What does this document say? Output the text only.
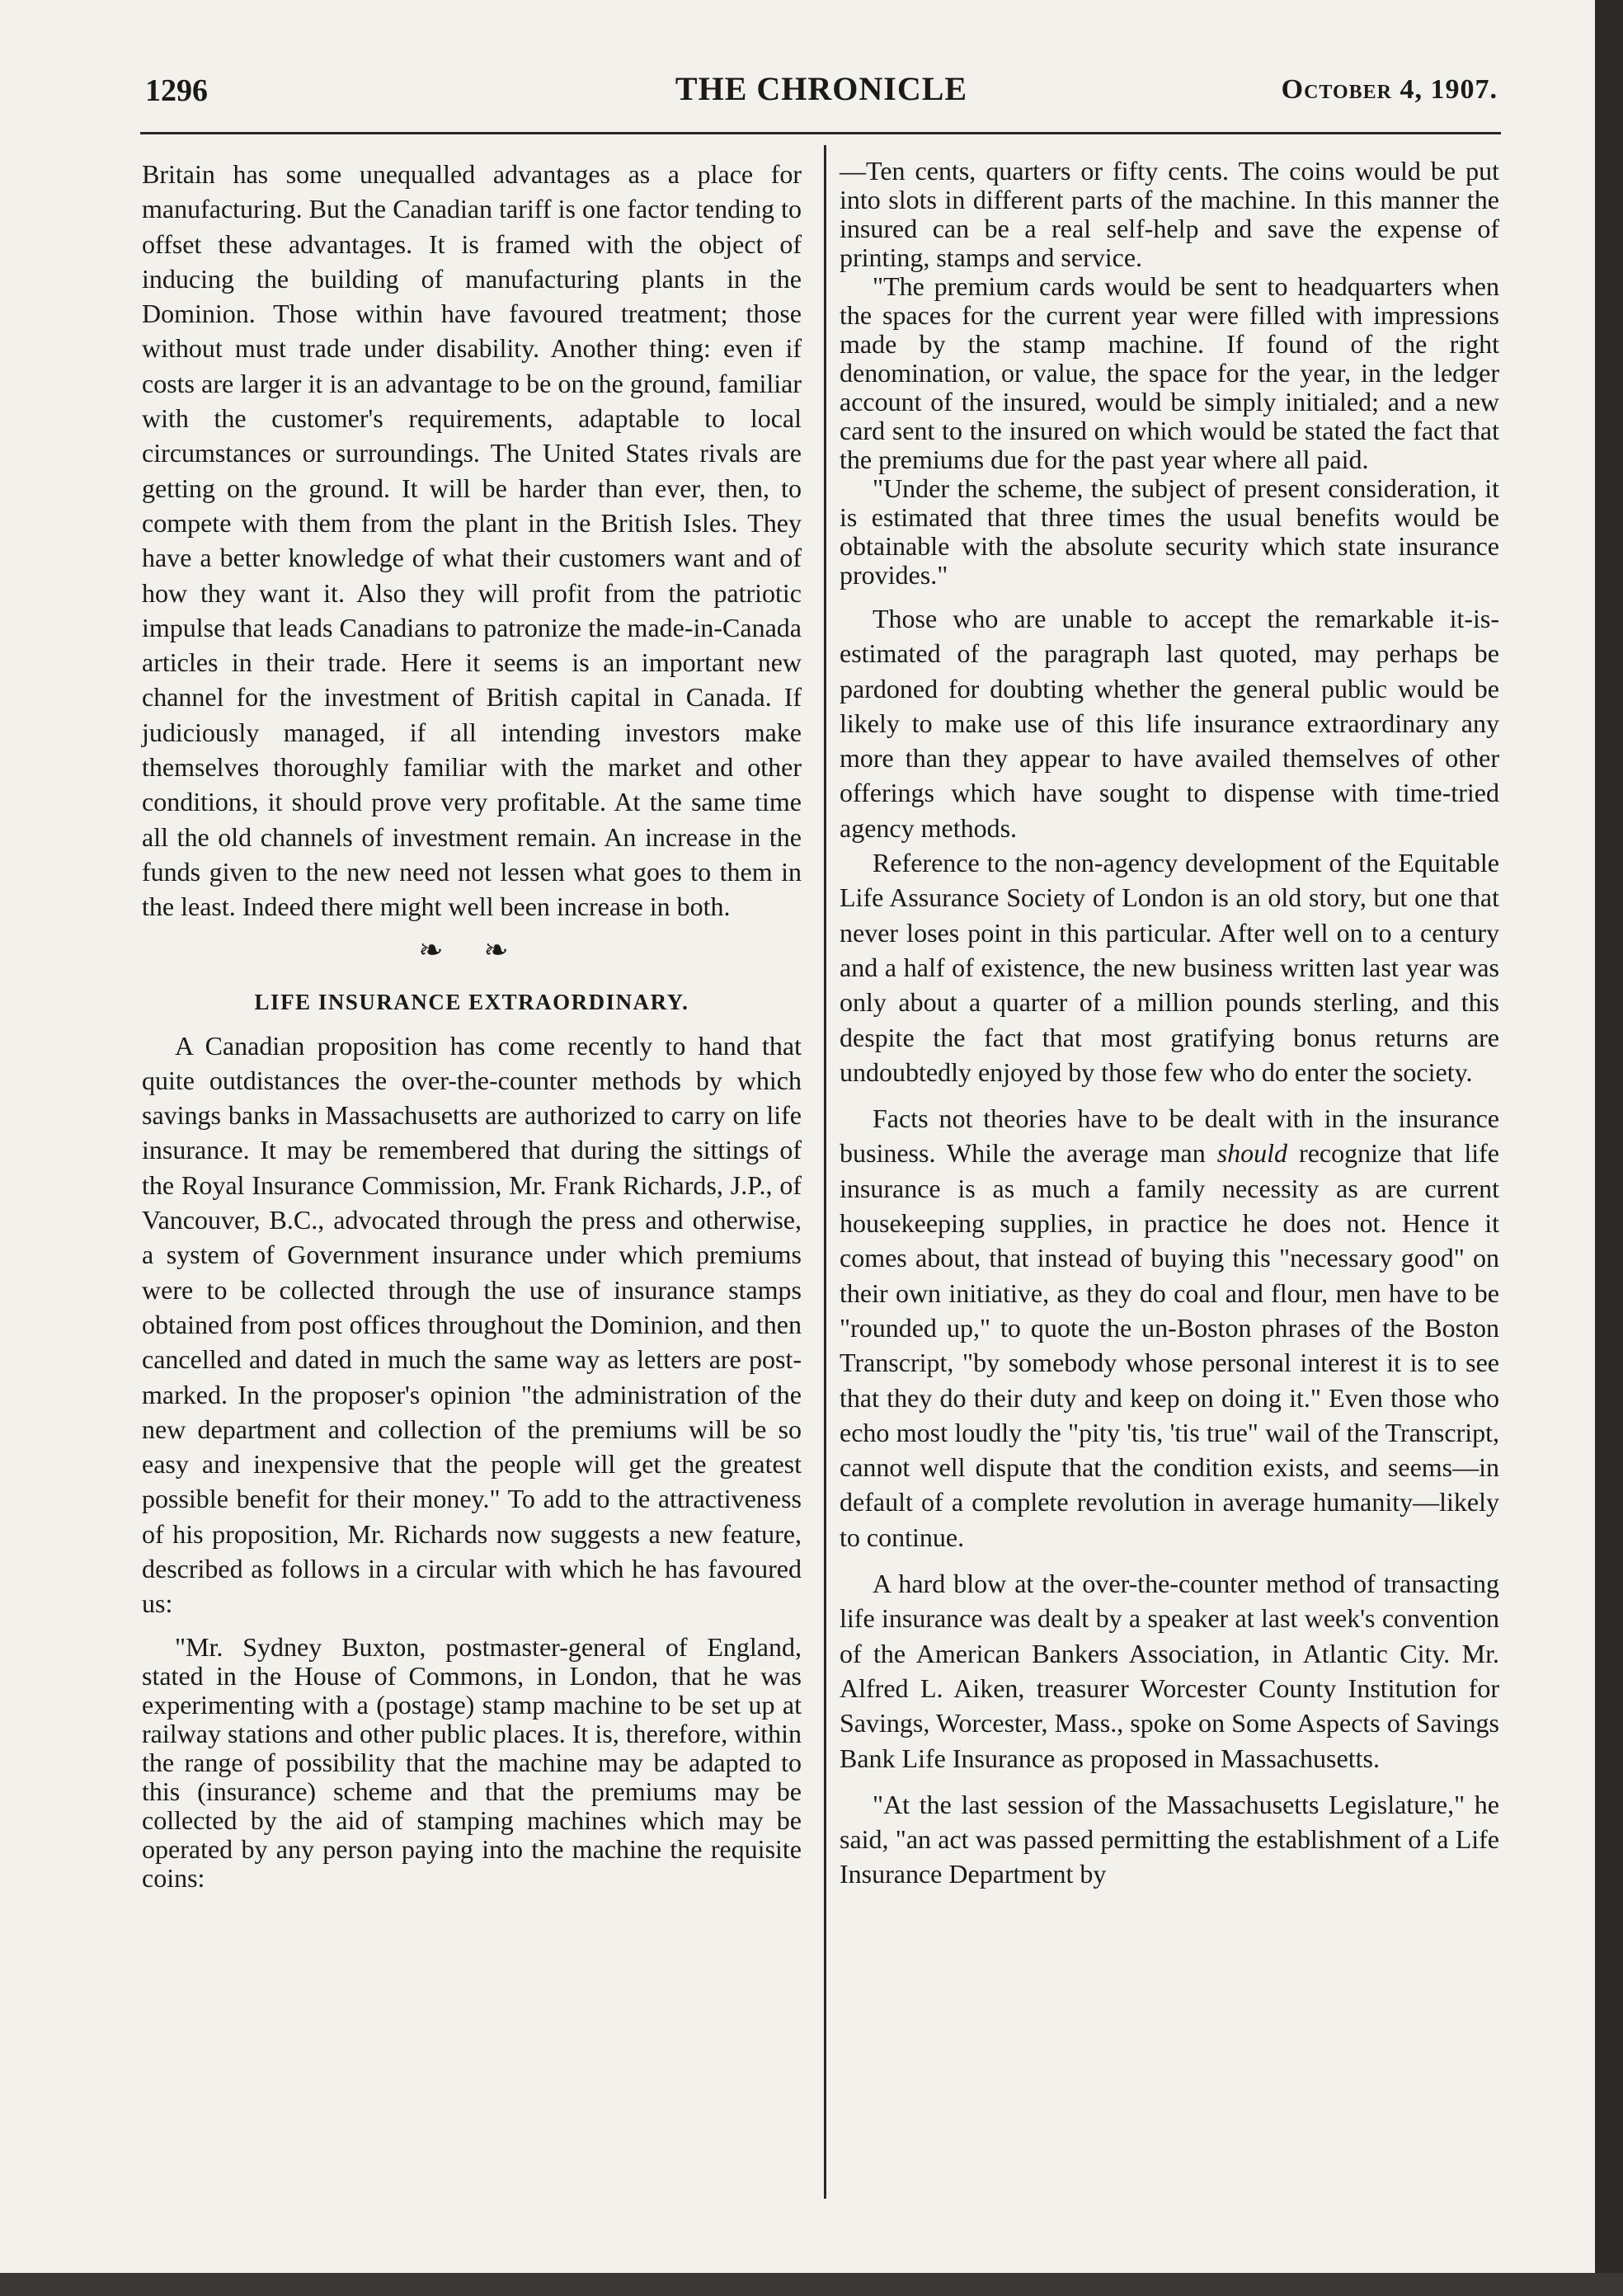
1296	THE CHRONICLE	October 4, 1907.

Britain has some unequalled advantages as a place for manufacturing. But the Canadian tariff is one factor tending to offset these advantages. It is framed with the object of inducing the building of manufacturing plants in the Dominion. Those within have favoured treatment; those without must trade under disability. Another thing: even if costs are larger it is an advantage to be on the ground, familiar with the customer's requirements, adaptable to local circumstances or surroundings. The United States rivals are getting on the ground. It will be harder than ever, then, to compete with them from the plant in the British Isles. They have a better knowledge of what their customers want and of how they want it. Also they will profit from the patriotic impulse that leads Canadians to patronize the made-in-Canada articles in their trade. Here it seems is an important new channel for the investment of British capital in Canada. If judiciously managed, if all intending investors make themselves thoroughly familiar with the market and other conditions, it should prove very profitable. At the same time all the old channels of investment remain. An increase in the funds given to the new need not lessen what goes to them in the least. Indeed there might well been increase in both.

❧ ❧
LIFE INSURANCE EXTRAORDINARY.

A Canadian proposition has come recently to hand that quite outdistances the over-the-counter methods by which savings banks in Massachusetts are authorized to carry on life insurance. It may be remembered that during the sittings of the Royal Insurance Commission, Mr. Frank Richards, J.P., of Vancouver, B.C., advocated through the press and otherwise, a system of Government insurance under which premiums were to be collected through the use of insurance stamps obtained from post offices throughout the Dominion, and then cancelled and dated in much the same way as letters are post-marked. In the proposer's opinion "the administration of the new department and collection of the premiums will be so easy and inexpensive that the people will get the greatest possible benefit for their money." To add to the attractiveness of his proposition, Mr. Richards now suggests a new feature, described as follows in a circular with which he has favoured us:

"Mr. Sydney Buxton, postmaster-general of England, stated in the House of Commons, in London, that he was experimenting with a (postage) stamp machine to be set up at railway stations and other public places. It is, therefore, within the range of possibility that the machine may be adapted to this (insurance) scheme and that the premiums may be collected by the aid of stamping machines which may be operated by any person paying into the machine the requisite coins:

—Ten cents, quarters or fifty cents. The coins would be put into slots in different parts of the machine. In this manner the insured can be a real self-help and save the expense of printing, stamps and service.

"The premium cards would be sent to headquarters when the spaces for the current year were filled with impressions made by the stamp machine. If found of the right denomination, or value, the space for the year, in the ledger account of the insured, would be simply initialed; and a new card sent to the insured on which would be stated the fact that the premiums due for the past year where all paid.

"Under the scheme, the subject of present consideration, it is estimated that three times the usual benefits would be obtainable with the absolute security which state insurance provides."

Those who are unable to accept the remarkable it-is-estimated of the paragraph last quoted, may perhaps be pardoned for doubting whether the general public would be likely to make use of this life insurance extraordinary any more than they appear to have availed themselves of other offerings which have sought to dispense with time-tried agency methods.

Reference to the non-agency development of the Equitable Life Assurance Society of London is an old story, but one that never loses point in this particular. After well on to a century and a half of existence, the new business written last year was only about a quarter of a million pounds sterling, and this despite the fact that most gratifying bonus returns are undoubtedly enjoyed by those few who do enter the society.

Facts not theories have to be dealt with in the insurance business. While the average man should recognize that life insurance is as much a family necessity as are current housekeeping supplies, in practice he does not. Hence it comes about, that instead of buying this "necessary good" on their own initiative, as they do coal and flour, men have to be "rounded up," to quote the un-Boston phrases of the Boston Transcript, "by somebody whose personal interest it is to see that they do their duty and keep on doing it." Even those who echo most loudly the "pity 'tis, 'tis true" wail of the Transcript, cannot well dispute that the condition exists, and seems—in default of a complete revolution in average humanity—likely to continue.

A hard blow at the over-the-counter method of transacting life insurance was dealt by a speaker at last week's convention of the American Bankers Association, in Atlantic City. Mr. Alfred L. Aiken, treasurer Worcester County Institution for Savings, Worcester, Mass., spoke on Some Aspects of Savings Bank Life Insurance as proposed in Massachusetts.

"At the last session of the Massachusetts Legislature," he said, "an act was passed permitting the establishment of a Life Insurance Department by
